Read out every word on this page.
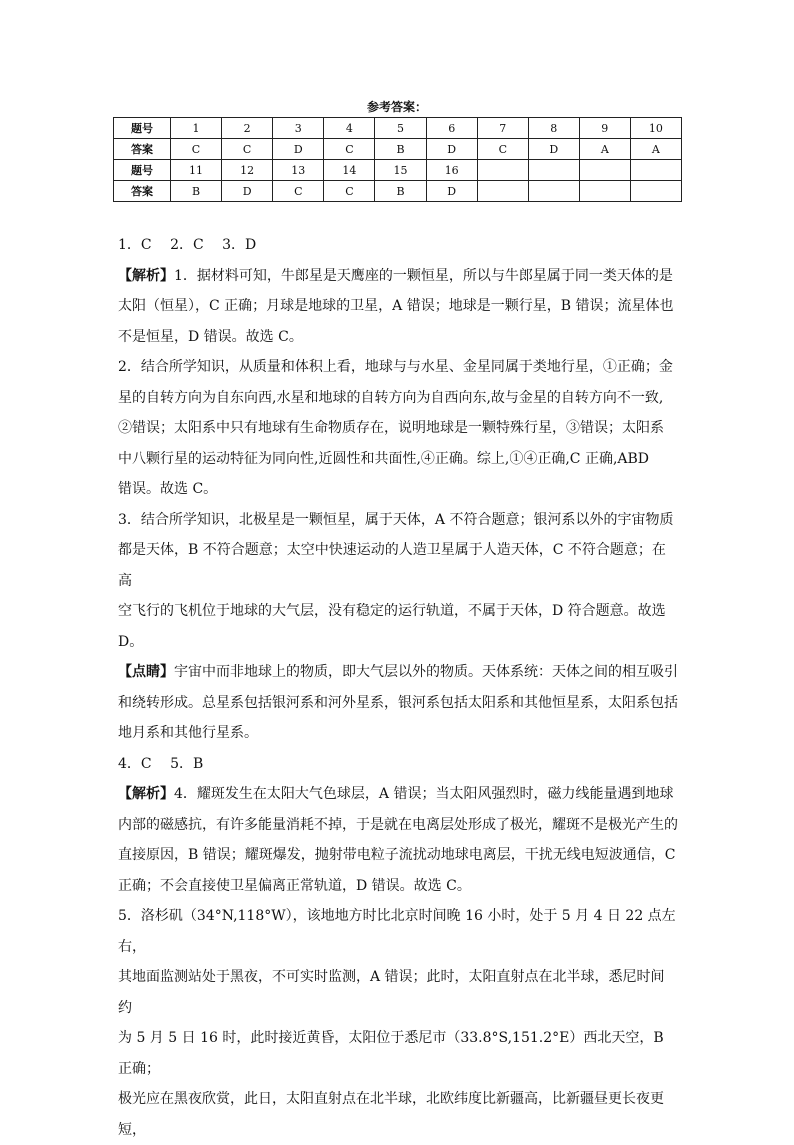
参考答案：
题号	1	2	3	4	5	6	7	8	9	10
答案	C	C	D	C	B	D	C	D	A	A
题号	11	12	13	14	15	16				
答案	B	D	C	C	B	D				

1．C　 2．C　 3．D

【解析】1．据材料可知，牛郎星是天鹰座的一颗恒星，所以与牛郎星属于同一类天体的是

太阳（恒星），C 正确；月球是地球的卫星，A 错误；地球是一颗行星，B 错误；流星体也

不是恒星，D 错误。故选 C。

2．结合所学知识，从质量和体积上看，地球与与水星、金星同属于类地行星，①正确；金

星的自转方向为自东向西,水星和地球的自转方向为自西向东,故与金星的自转方向不一致,

②错误；太阳系中只有地球有生命物质存在，说明地球是一颗特殊行星，③错误；太阳系

中八颗行星的运动特征为同向性,近圆性和共面性,④正确。综上,①④正确,C 正确,ABD

错误。故选 C。

3．结合所学知识，北极星是一颗恒星，属于天体，A 不符合题意；银河系以外的宇宙物质

都是天体，B 不符合题意；太空中快速运动的人造卫星属于人造天体，C 不符合题意；在高

空飞行的飞机位于地球的大气层，没有稳定的运行轨道，不属于天体，D 符合题意。故选

D。

【点睛】宇宙中而非地球上的物质，即大气层以外的物质。天体系统：天体之间的相互吸引

和绕转形成。总星系包括银河系和河外星系，银河系包括太阳系和其他恒星系，太阳系包括

地月系和其他行星系。

4．C　 5．B

【解析】4．耀斑发生在太阳大气色球层，A 错误；当太阳风强烈时，磁力线能量遇到地球

内部的磁感抗，有许多能量消耗不掉，于是就在电离层处形成了极光，耀斑不是极光产生的

直接原因，B 错误；耀斑爆发，抛射带电粒子流扰动地球电离层，干扰无线电短波通信，C

正确；不会直接使卫星偏离正常轨道，D 错误。故选 C。

5．洛杉矶（34°N,118°W），该地地方时比北京时间晚 16 小时，处于 5 月 4 日 22 点左右，

其地面监测站处于黑夜，不可实时监测，A 错误；此时，太阳直射点在北半球，悉尼时间约

为 5 月 5 日 16 时，此时接近黄昏，太阳位于悉尼市（33.8°S,151.2°E）西北天空，B 正确；

极光应在黑夜欣赏，此日，太阳直射点在北半球，北欧纬度比新疆高，比新疆昼更长夜更短，
